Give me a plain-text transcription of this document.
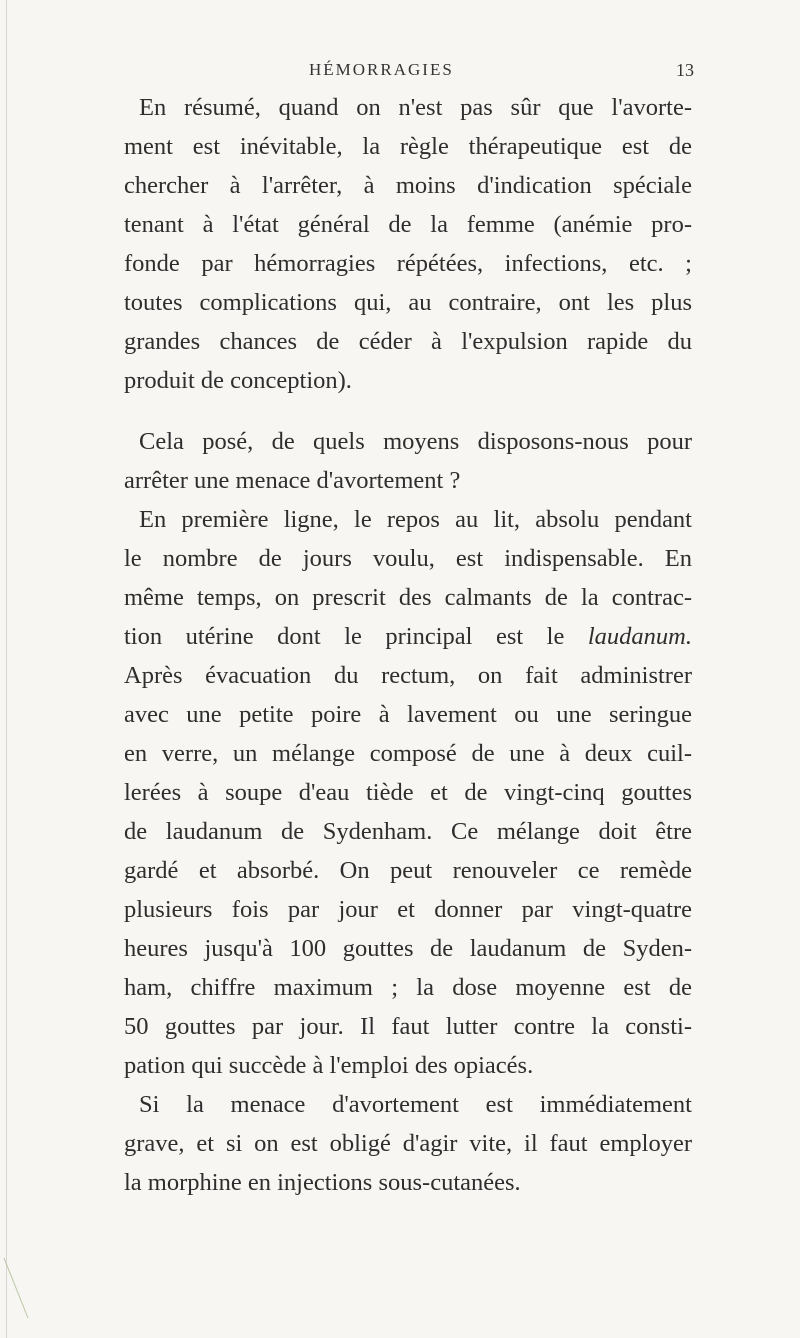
HÉMORRAGIES	13
En résumé, quand on n'est pas sûr que l'avorte-
ment est inévitable, la règle thérapeutique est de
chercher à l'arrêter, à moins d'indication spéciale
tenant à l'état général de la femme (anémie pro-
fonde par hémorragies répétées, infections, etc. ;
toutes complications qui, au contraire, ont les plus
grandes chances de céder à l'expulsion rapide du
produit de conception).
Cela posé, de quels moyens disposons-nous pour
arrêter une menace d'avortement ?
En première ligne, le repos au lit, absolu pendant
le nombre de jours voulu, est indispensable. En
même temps, on prescrit des calmants de la contrac-
tion utérine dont le principal est le laudanum.
Après évacuation du rectum, on fait administrer
avec une petite poire à lavement ou une seringue
en verre, un mélange composé de une à deux cuil-
lerées à soupe d'eau tiède et de vingt-cinq gouttes
de laudanum de Sydenham. Ce mélange doit être
gardé et absorbé. On peut renouveler ce remède
plusieurs fois par jour et donner par vingt-quatre
heures jusqu'à 100 gouttes de laudanum de Syden-
ham, chiffre maximum ; la dose moyenne est de
50 gouttes par jour. Il faut lutter contre la consti-
pation qui succède à l'emploi des opiacés.
Si la menace d'avortement est immédiatement
grave, et si on est obligé d'agir vite, il faut employer
la morphine en injections sous-cutanées.
